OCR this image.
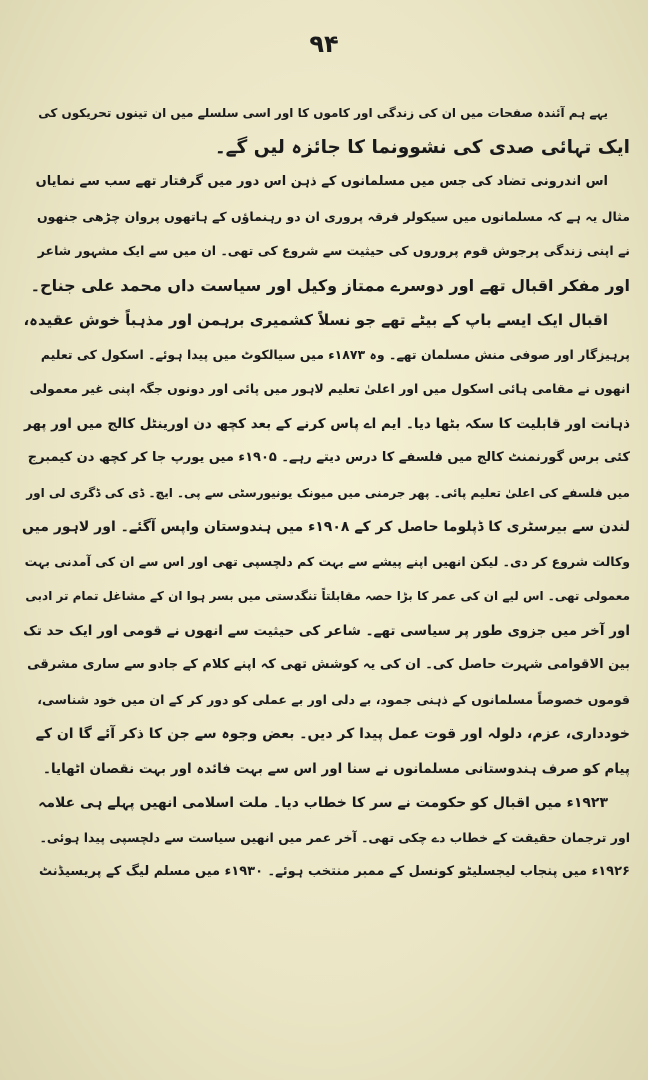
۹۴
یہے ہم آئندہ صفحات میں ان کی زندگی اور کاموں کا اور اسی سلسلے میں ان تینوں تحریکوں کی
ایک تہائی صدی کی نشوونما کا جائزہ لیں گے۔
اس اندرونی تضاد کی جس میں مسلمانوں کے ذہن اس دور میں گرفتار تھے سب سے نمایاں
مثال یہ ہے کہ مسلمانوں میں سیکولر فرقہ پروری ان دو رہنماؤں کے ہاتھوں پروان چڑھی جنھوں
نے اپنی زندگی پرجوش قوم پروروں کی حیثیت سے شروع کی تھی۔ ان میں سے ایک مشہور شاعر
اور مفکر اقبال تھے اور دوسرے ممتاز وکیل اور سیاست داں محمد علی جناح۔
اقبال ایک ایسے باپ کے بیٹے تھے جو نسلاً کشمیری برہمن اور مذہباً خوش عقیدہ،
پرہیزگار اور صوفی منش مسلمان تھے۔ وہ ۱۸۷۳ء میں سیالکوٹ میں پیدا ہوئے۔ اسکول کی تعلیم
انھوں نے مقامی ہائی اسکول میں اور اعلیٰ تعلیم لاہور میں پائی اور دونوں جگہ اپنی غیر معمولی
ذہانت اور قابلیت کا سکہ بٹھا دیا۔ ایم اے پاس کرنے کے بعد کچھ دن اورینٹل کالج میں اور پھر
کئی برس گورنمنٹ کالج میں فلسفے کا درس دیتے رہے۔ ۱۹۰۵ء میں یورپ جا کر کچھ دن کیمبرج
میں فلسفے کی اعلیٰ تعلیم پائی۔ پھر جرمنی میں میونک یونیورسٹی سے پی۔ ایچ۔ ڈی کی ڈگری لی اور
لندن سے بیرسٹری کا ڈپلوما حاصل کر کے ۱۹۰۸ء میں ہندوستان واپس آگئے۔ اور لاہور میں
وکالت شروع کر دی۔ لیکن انھیں اپنے پیشے سے بہت کم دلچسپی تھی اور اس سے ان کی آمدنی بہت
معمولی تھی۔ اس لیے ان کی عمر کا بڑا حصہ مقابلتاً تنگدستی میں بسر ہوا ان کے مشاغل تمام تر ادبی
اور آخر میں جزوی طور پر سیاسی تھے۔ شاعر کی حیثیت سے انھوں نے قومی اور ایک حد تک
بین الاقوامی شہرت حاصل کی۔ ان کی یہ کوشش تھی کہ اپنے کلام کے جادو سے ساری مشرقی
قوموں خصوصاً مسلمانوں کے ذہنی جمود، بے دلی اور بے عملی کو دور کر کے ان میں خود شناسی،
خودداری، عزم، دلولہ اور قوت عمل پیدا کر دیں۔ بعض وجوہ سے جن کا ذکر آئے گا ان کے
پیام کو صرف ہندوستانی مسلمانوں نے سنا اور اس سے بہت فائدہ اور بہت نقصان اٹھایا۔
۱۹۲۳ء میں اقبال کو حکومت نے سر کا خطاب دیا۔ ملت اسلامی انھیں پہلے ہی علامہ
اور ترجمان حقیقت کے خطاب دے چکی تھی۔ آخر عمر میں انھیں سیاست سے دلچسپی پیدا ہوئی۔
۱۹۲۶ء میں پنجاب لیجسلیٹو کونسل کے ممبر منتخب ہوئے۔ ۱۹۳۰ء میں مسلم لیگ کے پریسیڈنٹ
